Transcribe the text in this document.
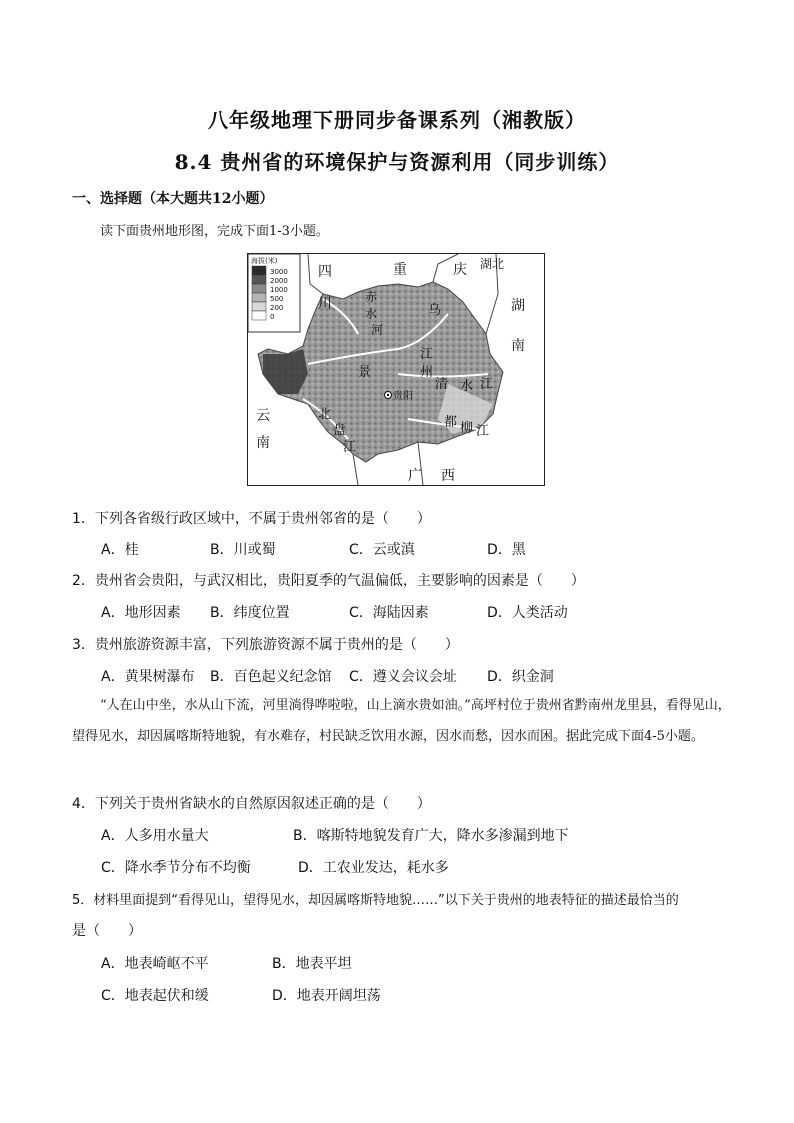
八年级地理下册同步备课系列（湘教版）
8.4 贵州省的环境保护与资源利用（同步训练）
一、选择题（本大题共12小题）
读下面贵州地形图，完成下面1-3小题。
海拔(米)
3000
2000
1000
500
200
0
四
川
重	庆 湖北
湖
南
云
南
广 西
赤
水
河
乌
江
州
清 水 江
北
盘
江
都 柳 江
景
贵阳
1．下列各省级行政区域中，不属于贵州邻省的是（　　）
A．桂	B．川或蜀	C．云或滇	D．黑
2．贵州省会贵阳，与武汉相比，贵阳夏季的气温偏低，主要影响的因素是（　　）
A．地形因素 B．纬度位置	C．海陆因素	D．人类活动
3．贵州旅游资源丰富，下列旅游资源不属于贵州的是（　　）
A．黄果树瀑布 B．百色起义纪念馆 C．遵义会议会址 D．织金洞
“人在山中坐，水从山下流，河里淌得哗啦啦，山上滴水贵如油。”高坪村位于贵州省黔南州龙里县，看得见山，望得见水，却因属喀斯特地貌，有水难存，村民缺乏饮用水源，因水而愁，因水而困。据此完成下面4-5小题。
4．下列关于贵州省缺水的自然原因叙述正确的是（　　）
A．人多用水量大	B．喀斯特地貌发育广大，降水多渗漏到地下
C．降水季节分布不均衡	D．工农业发达，耗水多
5．材料里面提到“看得见山，望得见水，却因属喀斯特地貌……”以下关于贵州的地表特征的描述最恰当的
是（　　）
A．地表崎岖不平	B．地表平坦
C．地表起伏和缓	D．地表开阔坦荡
